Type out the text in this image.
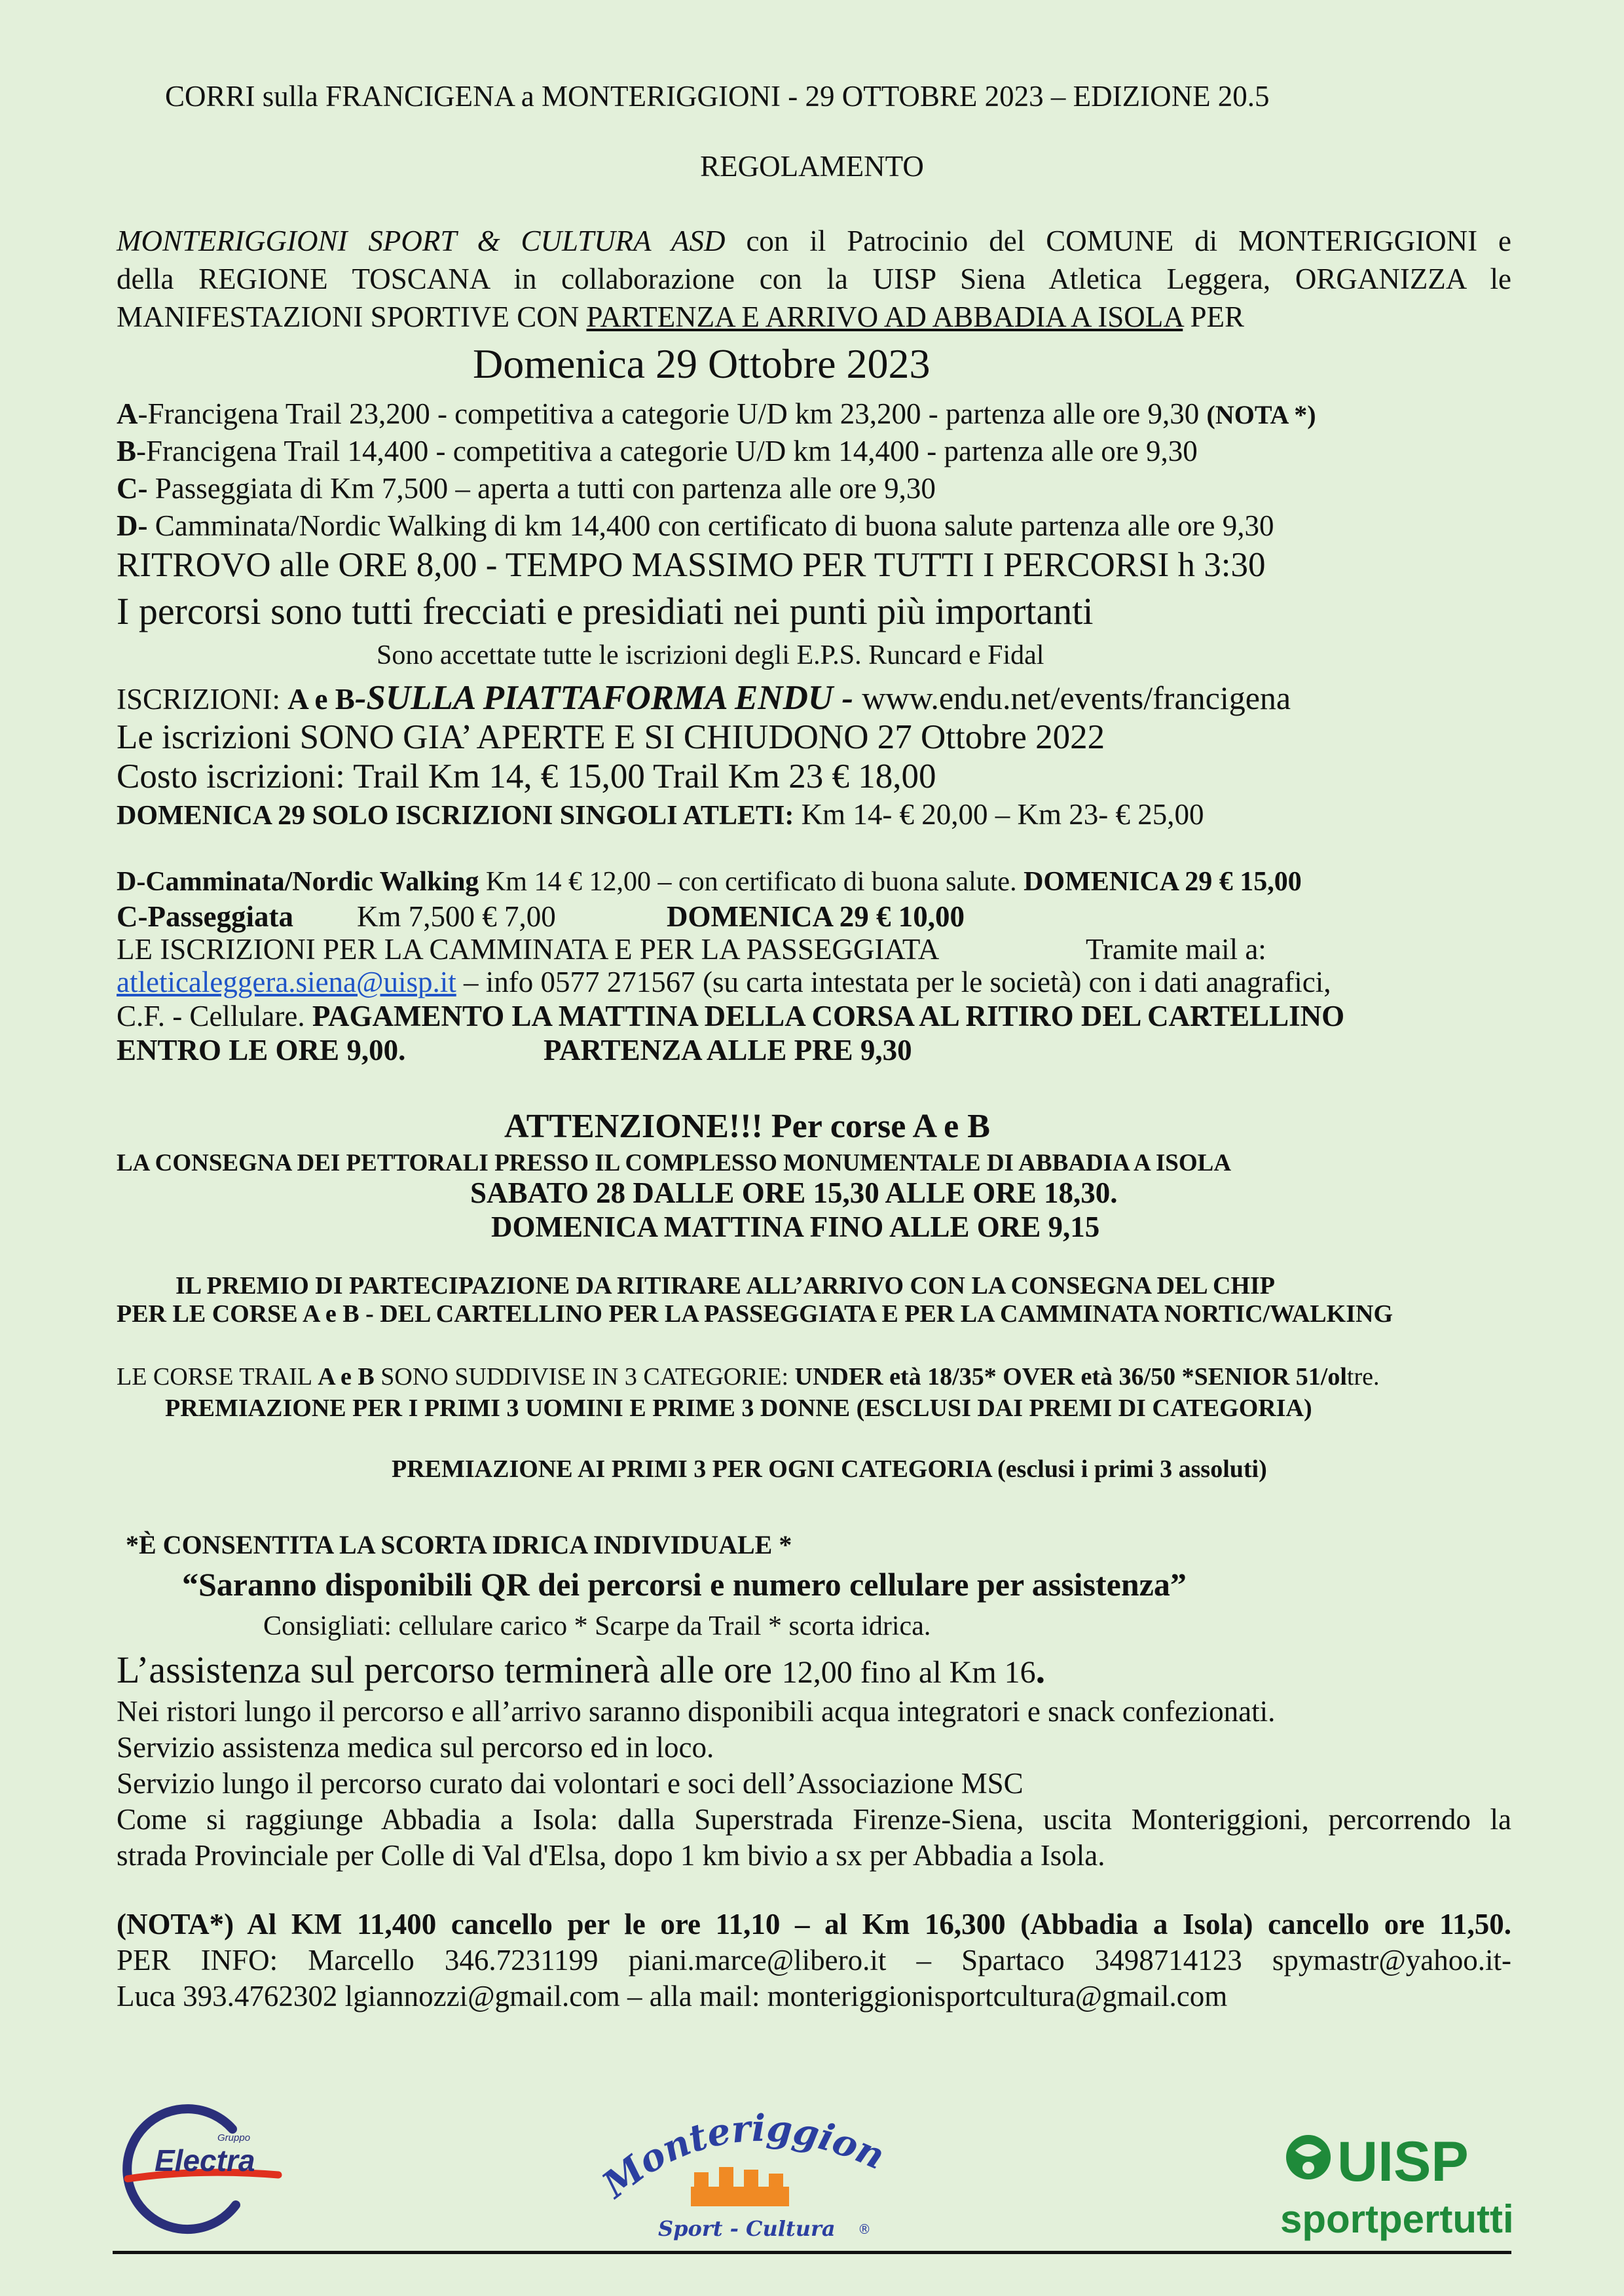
CORRI sulla FRANCIGENA a MONTERIGGIONI - 29 OTTOBRE 2023 – EDIZIONE 20.5
REGOLAMENTO
MONTERIGGIONI SPORT & CULTURA ASD con il Patrocinio del COMUNE di MONTERIGGIONI e
della REGIONE TOSCANA in collaborazione con la UISP Siena Atletica Leggera, ORGANIZZA le
MANIFESTAZIONI SPORTIVE CON PARTENZA E ARRIVO AD ABBADIA A ISOLA PER
Domenica 29 Ottobre 2023
A-Francigena Trail 23,200 - competitiva a categorie U/D km 23,200 - partenza alle ore 9,30 (NOTA *)
B-Francigena Trail 14,400 - competitiva a categorie U/D km 14,400 - partenza alle ore 9,30
C- Passeggiata di Km 7,500 – aperta a tutti con partenza alle ore 9,30
D- Camminata/Nordic Walking di km 14,400 con certificato di buona salute partenza alle ore 9,30
RITROVO alle ORE 8,00 - TEMPO MASSIMO PER TUTTI I PERCORSI h 3:30
I percorsi sono tutti frecciati e presidiati nei punti più importanti
Sono accettate tutte le iscrizioni degli E.P.S. Runcard e Fidal
ISCRIZIONI: A e B-SULLA PIATTAFORMA ENDU - www.endu.net/events/francigena
Le iscrizioni SONO GIA’ APERTE E SI CHIUDONO 27 Ottobre 2022
Costo iscrizioni: Trail Km 14, € 15,00 Trail Km 23 € 18,00
DOMENICA 29 SOLO ISCRIZIONI SINGOLI ATLETI: Km 14- € 20,00 – Km 23- € 25,00
D-Camminata/Nordic Walking Km 14 € 12,00 – con certificato di buona salute. DOMENICA 29 € 15,00
C-Passeggiata Km 7,500 € 7,00	DOMENICA 29 € 10,00
LE ISCRIZIONI PER LA CAMMINATA E PER LA PASSEGGIATA	Tramite mail a:
atleticaleggera.siena@uisp.it – info 0577 271567 (su carta intestata per le società) con i dati anagrafici,
C.F. - Cellulare. PAGAMENTO LA MATTINA DELLA CORSA AL RITIRO DEL CARTELLINO
ENTRO LE ORE 9,00.	PARTENZA ALLE PRE 9,30
ATTENZIONE!!! Per corse A e B
LA CONSEGNA DEI PETTORALI PRESSO IL COMPLESSO MONUMENTALE DI ABBADIA A ISOLA
SABATO 28 DALLE ORE 15,30 ALLE ORE 18,30.
DOMENICA MATTINA FINO ALLE ORE 9,15
IL PREMIO DI PARTECIPAZIONE DA RITIRARE ALL’ARRIVO CON LA CONSEGNA DEL CHIP
PER LE CORSE A e B - DEL CARTELLINO PER LA PASSEGGIATA E PER LA CAMMINATA NORTIC/WALKING
LE CORSE TRAIL A e B SONO SUDDIVISE IN 3 CATEGORIE: UNDER età 18/35* OVER età 36/50 *SENIOR 51/oltre.
PREMIAZIONE PER I PRIMI 3 UOMINI E PRIME 3 DONNE (ESCLUSI DAI PREMI DI CATEGORIA)
PREMIAZIONE AI PRIMI 3 PER OGNI CATEGORIA (esclusi i primi 3 assoluti)
*È CONSENTITA LA SCORTA IDRICA INDIVIDUALE *
“Saranno disponibili QR dei percorsi e numero cellulare per assistenza”
Consigliati: cellulare carico * Scarpe da Trail * scorta idrica.
L’assistenza sul percorso terminerà alle ore 12,00 fino al Km 16.
Nei ristori lungo il percorso e all’arrivo saranno disponibili acqua integratori e snack confezionati.
Servizio assistenza medica sul percorso ed in loco.
Servizio lungo il percorso curato dai volontari e soci dell’Associazione MSC
Come si raggiunge Abbadia a Isola: dalla Superstrada Firenze-Siena, uscita Monteriggioni, percorrendo la
strada Provinciale per Colle di Val d'Elsa, dopo 1 km bivio a sx per Abbadia a Isola.
(NOTA*) Al KM 11,400 cancello per le ore 11,10 – al Km 16,300 (Abbadia a Isola) cancello ore 11,50.
PER INFO: Marcello 346.7231199 piani.marce@libero.it – Spartaco 3498714123 spymastr@yahoo.it-
Luca 393.4762302 lgiannozzi@gmail.com – alla mail: monteriggionisportcultura@gmail.com
Gruppo
Electra	Monteriggion
Sport - Cultura ®
UISP
sportpertutti
